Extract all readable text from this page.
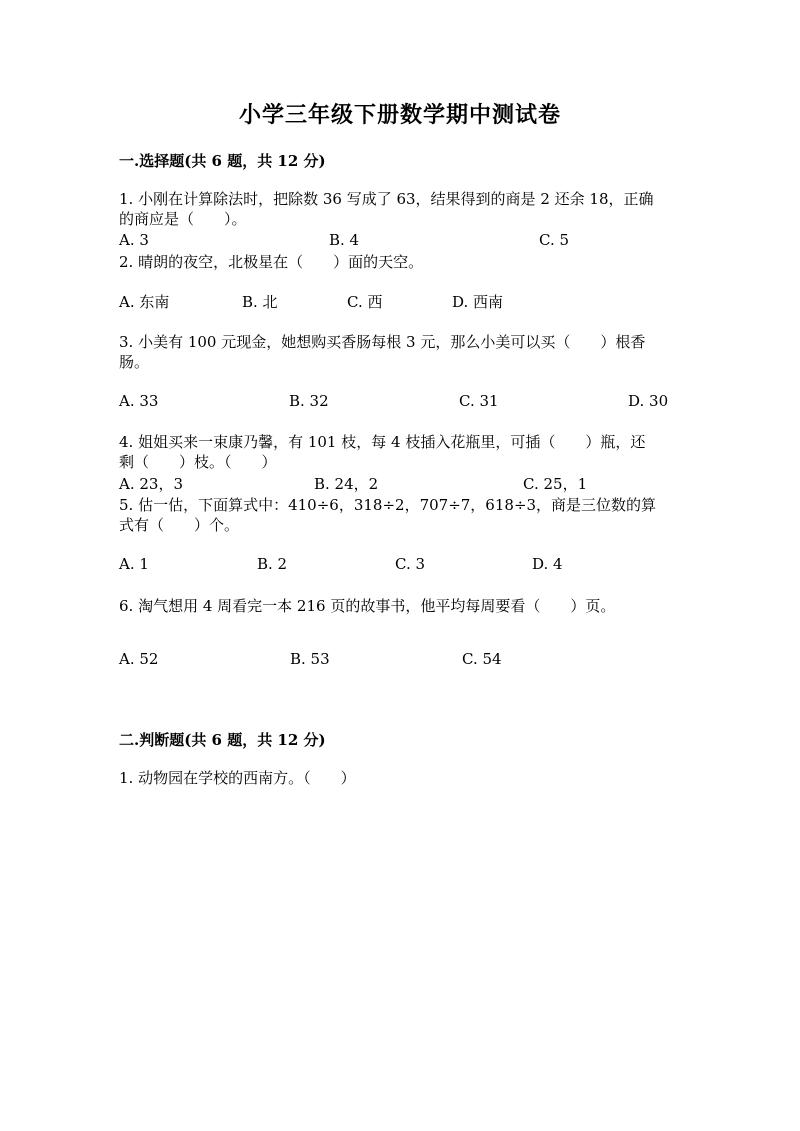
小学三年级下册数学期中测试卷
一.选择题(共 6 题，共 12 分)
1. 小刚在计算除法时，把除数 36 写成了 63，结果得到的商是 2 还余 18，正确
的商应是（　　）。
A. 3	B. 4	C. 5
2. 晴朗的夜空，北极星在（　　）面的天空。
A. 东南	B. 北	C. 西	D. 西南
3. 小美有 100 元现金，她想购买香肠每根 3 元，那么小美可以买（　　）根香
肠。
A. 33	B. 32	C. 31	D. 30
4. 姐姐买来一束康乃馨，有 101 枝，每 4 枝插入花瓶里，可插（　　）瓶，还
剩（　　）枝。（　　）
A. 23，3	B. 24，2	C. 25，1
5. 估一估，下面算式中：410÷6，318÷2，707÷7，618÷3，商是三位数的算
式有（　　）个。
A. 1	B. 2	C. 3	D. 4
6. 淘气想用 4 周看完一本 216 页的故事书，他平均每周要看（　　）页。
A. 52	B. 53	C. 54
二.判断题(共 6 题，共 12 分)
1. 动物园在学校的西南方。（　　）
